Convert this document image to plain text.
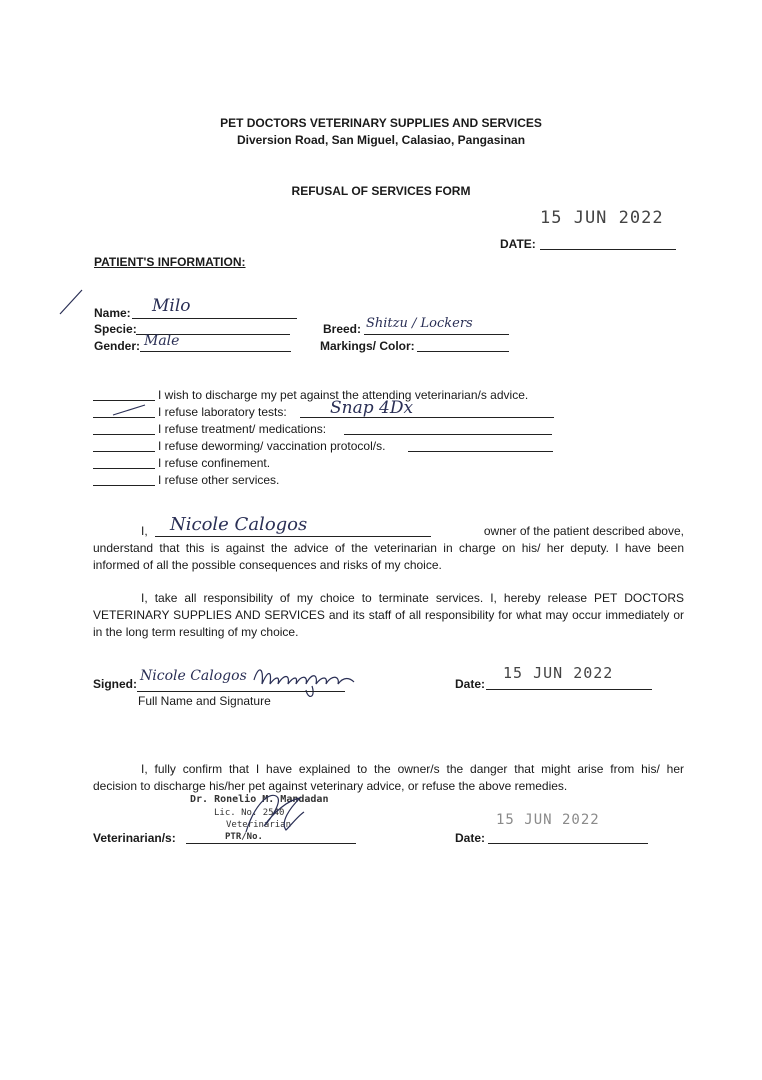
PET DOCTORS VETERINARY SUPPLIES AND SERVICES
Diversion Road, San Miguel, Calasiao, Pangasinan
REFUSAL OF SERVICES FORM
15 JUN 2022
DATE:
PATIENT'S INFORMATION:
Name: Milo
Specie:
Gender: Male
Breed: Shitzu / Lockers
Markings/ Color:
I wish to discharge my pet against the attending veterinarian/s advice.
I refuse laboratory tests:	Snap 4Dx
I refuse treatment/ medications:
I refuse deworming/ vaccination protocol/s.
I refuse confinement.
I refuse other services.
I, Nicole Calogos	owner of the patient described above,
understand that this is against the advice of the veterinarian in charge on his/ her deputy. I have been
informed of all the possible consequences and risks of my choice.
I, take all responsibility of my choice to terminate services. I, hereby release PET DOCTORS
VETERINARY SUPPLIES AND SERVICES and its staff of all responsibility for what may occur immediately or
in the long term resulting of my choice.
Signed: Nicole Calogos
Full Name and Signature
Date:
15 JUN 2022
I, fully confirm that I have explained to the owner/s the danger that might arise from his/ her
decision to discharge his/her pet against veterinary advice, or refuse the above remedies.
Dr. Ronelio M. Mandadan
Lic. No. 2540
Veterinarian
PTR/No.
Veterinarian/s:	Date:
15 JUN 2022
